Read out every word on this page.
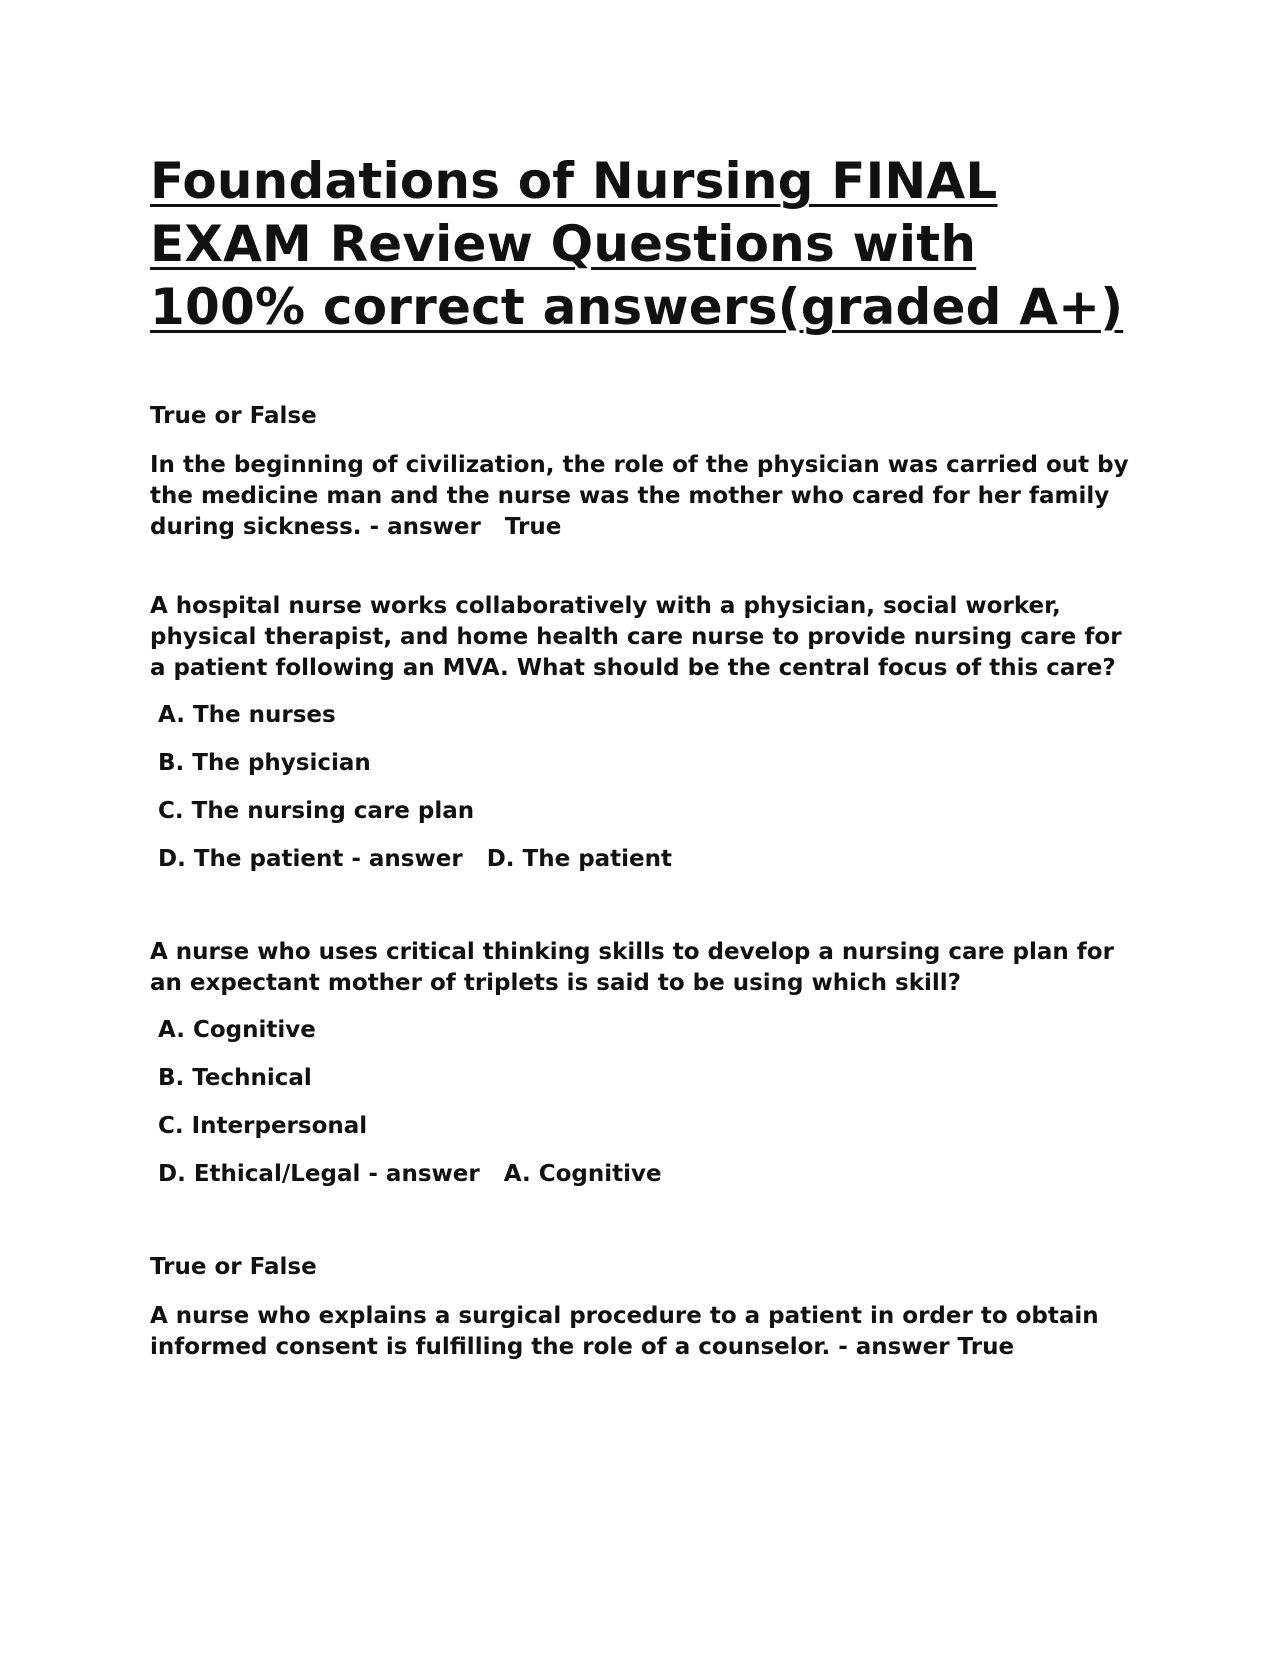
Foundations of Nursing FINAL EXAM Review Questions with 100% correct answers(graded A+)

True or False

In the beginning of civilization, the role of the physician was carried out by the medicine man and the nurse was the mother who cared for her family during sickness. - answer   True

A hospital nurse works collaboratively with a physician, social worker, physical therapist, and home health care nurse to provide nursing care for a patient following an MVA. What should be the central focus of this care?

A. The nurses

B. The physician

C. The nursing care plan

D. The patient - answer   D. The patient

A nurse who uses critical thinking skills to develop a nursing care plan for an expectant mother of triplets is said to be using which skill?

A. Cognitive

B. Technical

C. Interpersonal

D. Ethical/Legal - answer   A. Cognitive

True or False

A nurse who explains a surgical procedure to a patient in order to obtain informed consent is fulfilling the role of a counselor. - answer True
